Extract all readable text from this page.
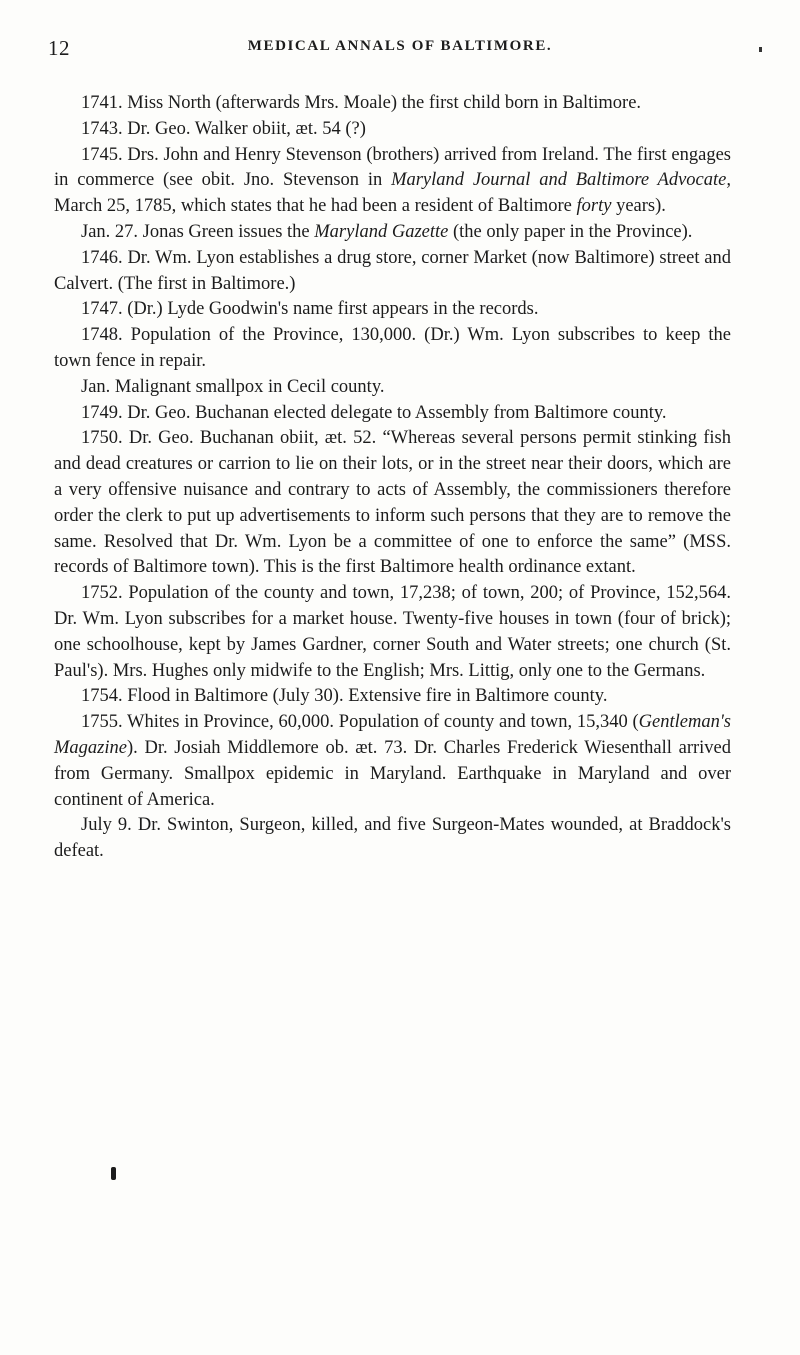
12	MEDICAL ANNALS OF BALTIMORE.

1741. Miss North (afterwards Mrs. Moale) the first child born in Baltimore.

1743. Dr. Geo. Walker obiit, æt. 54 (?)

1745. Drs. John and Henry Stevenson (brothers) arrived from Ireland. The first engages in commerce (see obit. Jno. Stevenson in Maryland Journal and Baltimore Advocate, March 25, 1785, which states that he had been a resident of Baltimore forty years).

Jan. 27. Jonas Green issues the Maryland Gazette (the only paper in the Province).

1746. Dr. Wm. Lyon establishes a drug store, corner Market (now Baltimore) street and Calvert. (The first in Baltimore.)

1747. (Dr.) Lyde Goodwin's name first appears in the records.

1748. Population of the Province, 130,000. (Dr.) Wm. Lyon subscribes to keep the town fence in repair.

Jan. Malignant smallpox in Cecil county.

1749. Dr. Geo. Buchanan elected delegate to Assembly from Baltimore county.

1750. Dr. Geo. Buchanan obiit, æt. 52. “Whereas several persons permit stinking fish and dead creatures or carrion to lie on their lots, or in the street near their doors, which are a very offensive nuisance and contrary to acts of Assembly, the commissioners therefore order the clerk to put up advertisements to inform such persons that they are to remove the same. Resolved that Dr. Wm. Lyon be a committee of one to enforce the same” (MSS. records of Baltimore town). This is the first Baltimore health ordinance extant.

1752. Population of the county and town, 17,238; of town, 200; of Province, 152,564. Dr. Wm. Lyon subscribes for a market house. Twenty-five houses in town (four of brick); one schoolhouse, kept by James Gardner, corner South and Water streets; one church (St. Paul's). Mrs. Hughes only midwife to the English; Mrs. Littig, only one to the Germans.

1754. Flood in Baltimore (July 30). Extensive fire in Baltimore county.

1755. Whites in Province, 60,000. Population of county and town, 15,340 (Gentleman's Magazine). Dr. Josiah Middlemore ob. æt. 73. Dr. Charles Frederick Wiesenthall arrived from Germany. Smallpox epidemic in Maryland. Earthquake in Maryland and over continent of America.

July 9. Dr. Swinton, Surgeon, killed, and five Surgeon-Mates wounded, at Braddock's defeat.
